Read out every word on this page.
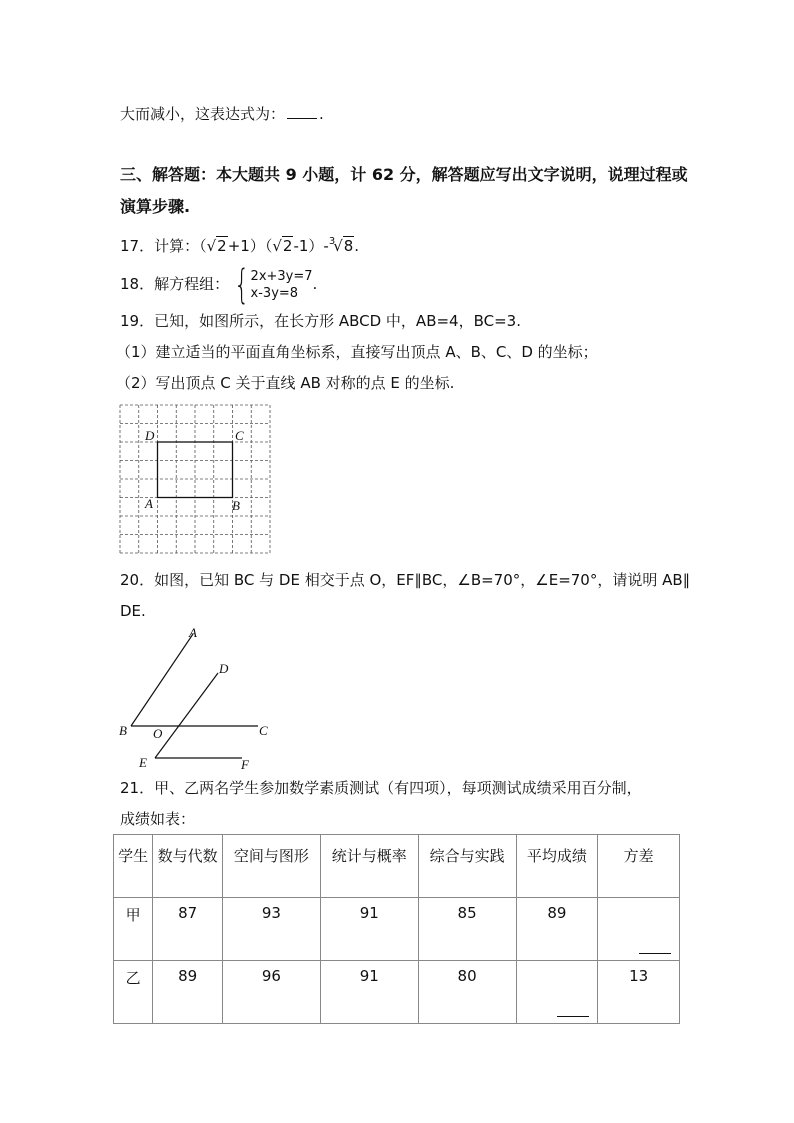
大而减小，这表达式为： .
三、解答题：本大题共 9 小题，计 62 分，解答题应写出文字说明，说理过程或
演算步骤.
17．计算：（√2+1）（√2-1）-$^3$√8.
18．解方程组： { 2x+3y=7
x-3y=8 .
19．已知，如图所示，在长方形 ABCD 中，AB=4，BC=3.
（1）建立适当的平面直角坐标系，直接写出顶点 A、B、C、D 的坐标；
（2）写出顶点 C 关于直线 AB 对称的点 E 的坐标.
D	C
A	B
20．如图，已知 BC 与 DE 相交于点 O，EF∥BC，∠B=70°，∠E=70°，请说明 AB∥
DE.
A
D
B O	C
E	F
21．甲、乙两名学生参加数学素质测试（有四项），每项测试成绩采用百分制，
成绩如表：
学生	数与代数	空间与图形	统计与概率	综合与实践	平均成绩	方差
甲	87	93	91	85	89	

乙	89	96	91	80		13
